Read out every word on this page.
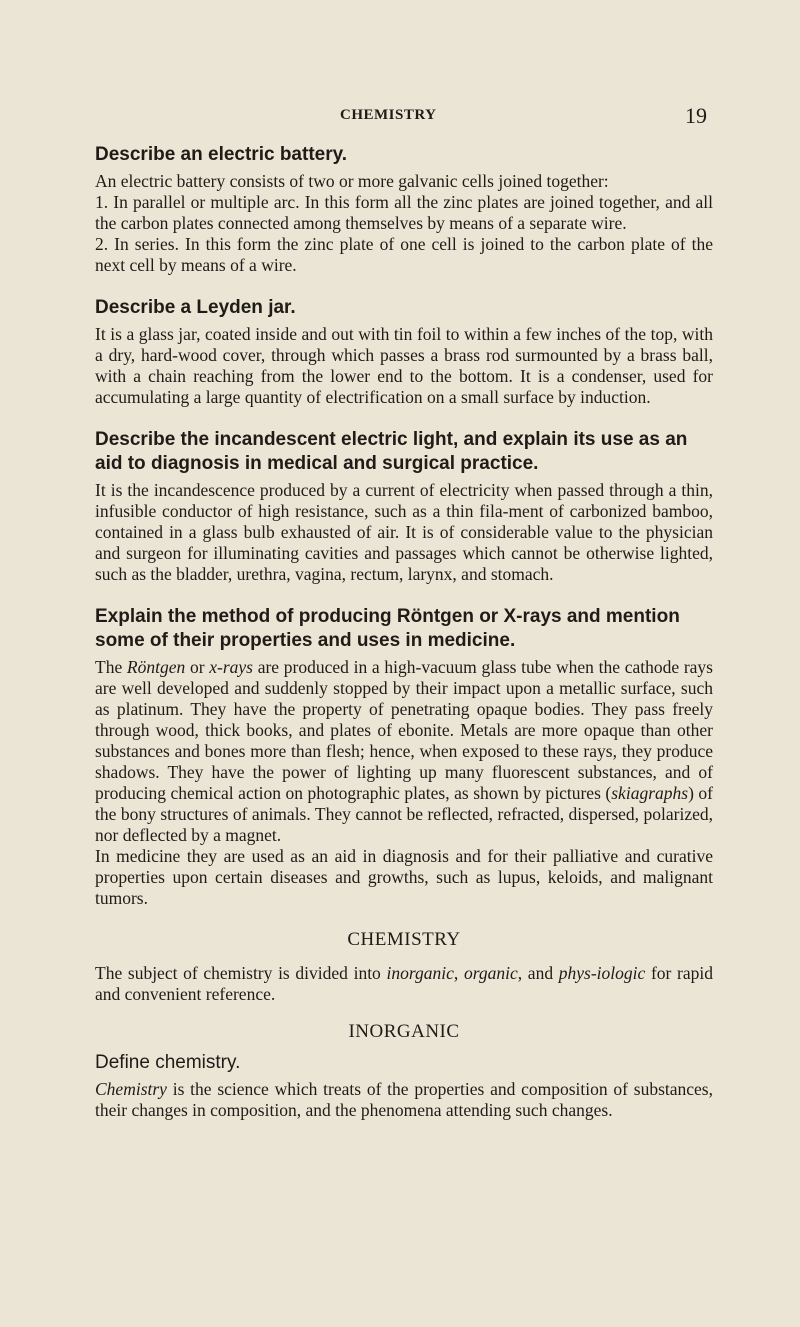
CHEMISTRY	19
Describe an electric battery.

An electric battery consists of two or more galvanic cells joined together:

1. In parallel or multiple arc. In this form all the zinc plates are joined together, and all the carbon plates connected among themselves by means of a separate wire.

2. In series. In this form the zinc plate of one cell is joined to the carbon plate of the next cell by means of a wire.

Describe a Leyden jar.

It is a glass jar, coated inside and out with tin foil to within a few inches of the top, with a dry, hard-wood cover, through which passes a brass rod surmounted by a brass ball, with a chain reaching from the lower end to the bottom. It is a condenser, used for accumulating a large quantity of electrification on a small surface by induction.

Describe the incandescent electric light, and explain its use as an aid to diagnosis in medical and surgical practice.

It is the incandescence produced by a current of electricity when passed through a thin, infusible conductor of high resistance, such as a thin fila-ment of carbonized bamboo, contained in a glass bulb exhausted of air. It is of considerable value to the physician and surgeon for illuminating cavities and passages which cannot be otherwise lighted, such as the bladder, urethra, vagina, rectum, larynx, and stomach.

Explain the method of producing Röntgen or X-rays and mention some of their properties and uses in medicine.

The Röntgen or x-rays are produced in a high-vacuum glass tube when the cathode rays are well developed and suddenly stopped by their impact upon a metallic surface, such as platinum. They have the property of penetrating opaque bodies. They pass freely through wood, thick books, and plates of ebonite. Metals are more opaque than other substances and bones more than flesh; hence, when exposed to these rays, they produce shadows. They have the power of lighting up many fluorescent substances, and of producing chemical action on photographic plates, as shown by pictures (skiagraphs) of the bony structures of animals. They cannot be reflected, refracted, dispersed, polarized, nor deflected by a magnet.

In medicine they are used as an aid in diagnosis and for their palliative and curative properties upon certain diseases and growths, such as lupus, keloids, and malignant tumors.

CHEMISTRY

The subject of chemistry is divided into inorganic, organic, and phys-iologic for rapid and convenient reference.

INORGANIC
Define chemistry.

Chemistry is the science which treats of the properties and composition of substances, their changes in composition, and the phenomena attending such changes.
